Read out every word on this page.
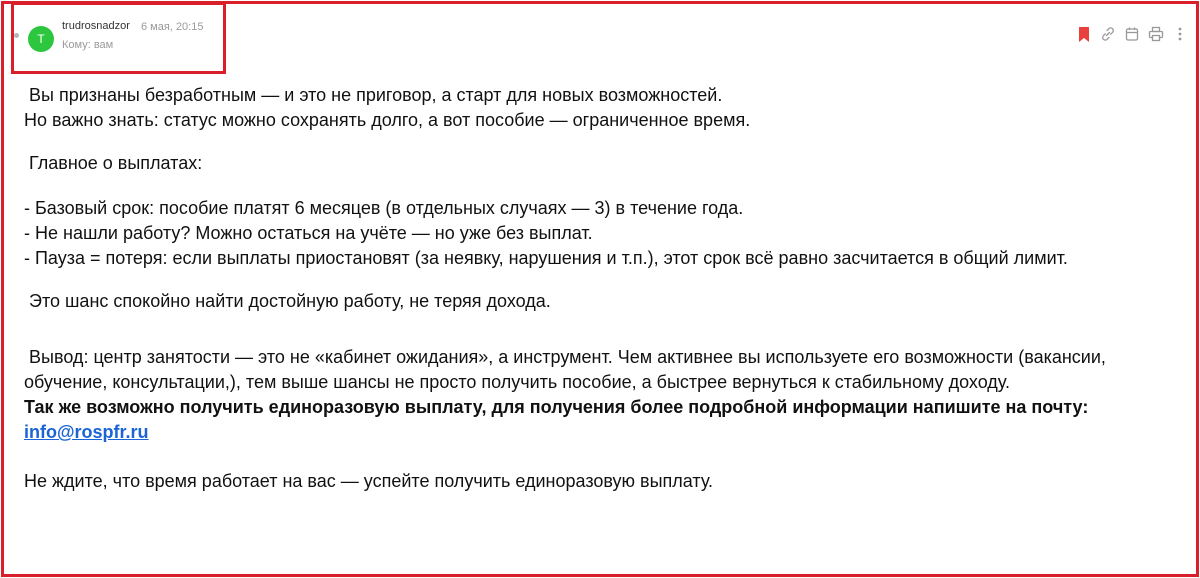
T
trudrosnadzor 6 мая, 20:15
Кому: вам

Вы признаны безработным — и это не приговор, а старт для новых возможностей.

Но важно знать: статус можно сохранять долго, а вот пособие — ограниченное время.

Главное о выплатах:

- Базовый срок: пособие платят 6 месяцев (в отдельных случаях — 3) в течение года.

- Не нашли работу? Можно остаться на учёте — но уже без выплат.

- Пауза = потеря: если выплаты приостановят (за неявку, нарушения и т.п.), этот срок всё равно засчитается в общий лимит.

Это шанс спокойно найти достойную работу, не теряя дохода.

Вывод: центр занятости — это не «кабинет ожидания», а инструмент. Чем активнее вы используете его возможности (вакансии, обучение, консультации,), тем выше шансы не просто получить пособие, а быстрее вернуться к стабильному доходу.

Так же возможно получить единоразовую выплату, для получения более подробной информации напишите на почту: info@rospfr.ru

Не ждите, что время работает на вас — успейте получить единоразовую выплату.
